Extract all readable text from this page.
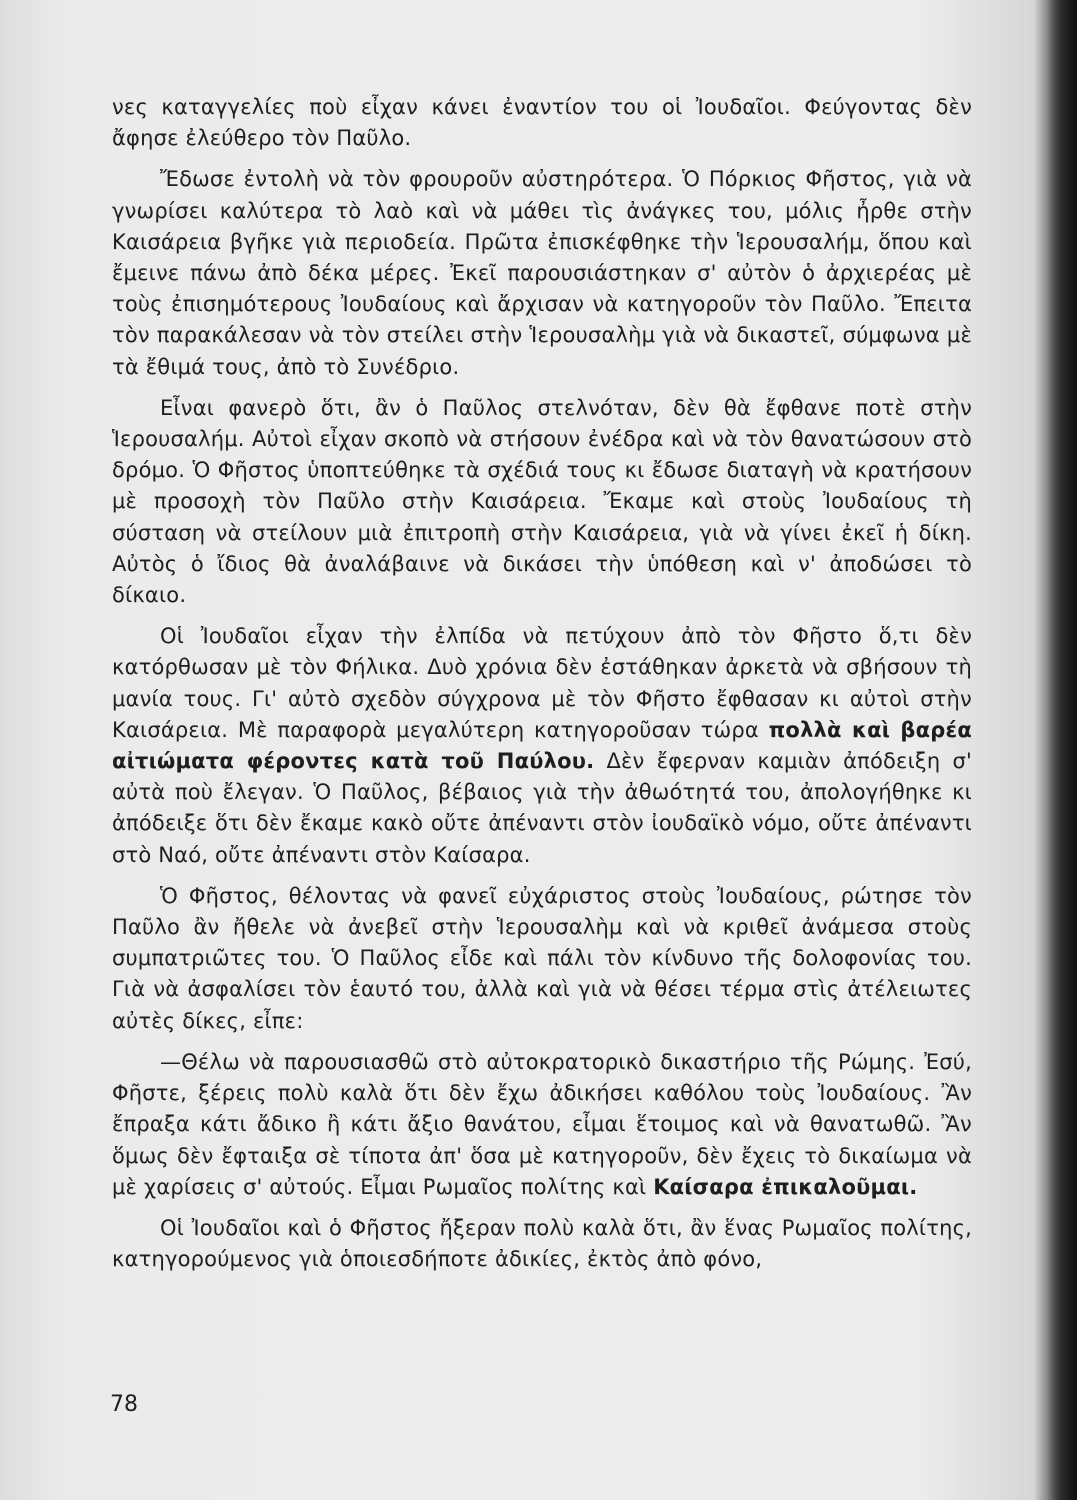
νες καταγγελίες ποὺ εἶχαν κάνει ἐναντίον του οἱ Ἰουδαῖοι. Φεύγοντας δὲν ἄφησε ἐλεύθερο τὸν Παῦλο.

Ἔδωσε ἐντολὴ νὰ τὸν φρουροῦν αὐστηρότερα. Ὁ Πόρκιος Φῆστος, γιὰ νὰ γνωρίσει καλύτερα τὸ λαὸ καὶ νὰ μάθει τὶς ἀνάγκες του, μόλις ἦρθε στὴν Καισάρεια βγῆκε γιὰ περιοδεία. Πρῶτα ἐπισκέφθηκε τὴν Ἱερουσαλήμ, ὅπου καὶ ἔμεινε πάνω ἀπὸ δέκα μέρες. Ἐκεῖ παρουσιάστηκαν σ' αὐτὸν ὁ ἀρχιερέας μὲ τοὺς ἐπισημότερους Ἰουδαίους καὶ ἄρχισαν νὰ κατηγοροῦν τὸν Παῦλο. Ἔπειτα τὸν παρακάλεσαν νὰ τὸν στείλει στὴν Ἱερουσαλὴμ γιὰ νὰ δικαστεῖ, σύμφωνα μὲ τὰ ἔθιμά τους, ἀπὸ τὸ Συνέδριο.

Εἶναι φανερὸ ὅτι, ἂν ὁ Παῦλος στελνόταν, δὲν θὰ ἔφθανε ποτὲ στὴν Ἱερουσαλήμ. Αὐτοὶ εἶχαν σκοπὸ νὰ στήσουν ἐνέδρα καὶ νὰ τὸν θανατώσουν στὸ δρόμο. Ὁ Φῆστος ὑποπτεύθηκε τὰ σχέδιά τους κι ἔδωσε διαταγὴ νὰ κρατήσουν μὲ προσοχὴ τὸν Παῦλο στὴν Καισάρεια. Ἔκαμε καὶ στοὺς Ἰουδαίους τὴ σύσταση νὰ στείλουν μιὰ ἐπιτροπὴ στὴν Καισάρεια, γιὰ νὰ γίνει ἐκεῖ ἡ δίκη. Αὐτὸς ὁ ἴδιος θὰ ἀναλάβαινε νὰ δικάσει τὴν ὑπόθεση καὶ ν' ἀποδώσει τὸ δίκαιο.

Οἱ Ἰουδαῖοι εἶχαν τὴν ἐλπίδα νὰ πετύχουν ἀπὸ τὸν Φῆστο ὅ,τι δὲν κατόρθωσαν μὲ τὸν Φήλικα. Δυὸ χρόνια δὲν ἐστάθηκαν ἀρκετὰ νὰ σβήσουν τὴ μανία τους. Γι' αὐτὸ σχεδὸν σύγχρονα μὲ τὸν Φῆστο ἔφθασαν κι αὐτοὶ στὴν Καισάρεια. Μὲ παραφορὰ μεγαλύτερη κατηγοροῦσαν τώρα πολλὰ καὶ βαρέα αἰτιώματα φέροντες κατὰ τοῦ Παύλου. Δὲν ἔφερναν καμιὰν ἀπόδειξη σ' αὐτὰ ποὺ ἔλεγαν. Ὁ Παῦλος, βέβαιος γιὰ τὴν ἀθωότητά του, ἀπολογήθηκε κι ἀπόδειξε ὅτι δὲν ἔκαμε κακὸ οὔτε ἀπέναντι στὸν ἰουδαϊκὸ νόμο, οὔτε ἀπέναντι στὸ Ναό, οὔτε ἀπέναντι στὸν Καίσαρα.

Ὁ Φῆστος, θέλοντας νὰ φανεῖ εὐχάριστος στοὺς Ἰουδαίους, ρώτησε τὸν Παῦλο ἂν ἤθελε νὰ ἀνεβεῖ στὴν Ἱερουσαλὴμ καὶ νὰ κριθεῖ ἀνάμεσα στοὺς συμπατριῶτες του. Ὁ Παῦλος εἶδε καὶ πάλι τὸν κίνδυνο τῆς δολοφονίας του. Γιὰ νὰ ἀσφαλίσει τὸν ἑαυτό του, ἀλλὰ καὶ γιὰ νὰ θέσει τέρμα στὶς ἀτέλειωτες αὐτὲς δίκες, εἶπε:

—Θέλω νὰ παρουσιασθῶ στὸ αὐτοκρατορικὸ δικαστήριο τῆς Ρώμης. Ἐσύ, Φῆστε, ξέρεις πολὺ καλὰ ὅτι δὲν ἔχω ἀδικήσει καθόλου τοὺς Ἰουδαίους. Ἂν ἔπραξα κάτι ἄδικο ἢ κάτι ἄξιο θανάτου, εἶμαι ἕτοιμος καὶ νὰ θανατωθῶ. Ἂν ὅμως δὲν ἔφταιξα σὲ τίποτα ἀπ' ὅσα μὲ κατηγοροῦν, δὲν ἔχεις τὸ δικαίωμα νὰ μὲ χαρίσεις σ' αὐτούς. Εἶμαι Ρωμαῖος πολίτης καὶ Καίσαρα ἐπικαλοῦμαι.

Οἱ Ἰουδαῖοι καὶ ὁ Φῆστος ἤξεραν πολὺ καλὰ ὅτι, ἂν ἕνας Ρωμαῖος πολίτης, κατηγορούμενος γιὰ ὁποιεσδήποτε ἀδικίες, ἐκτὸς ἀπὸ φόνο,

78
